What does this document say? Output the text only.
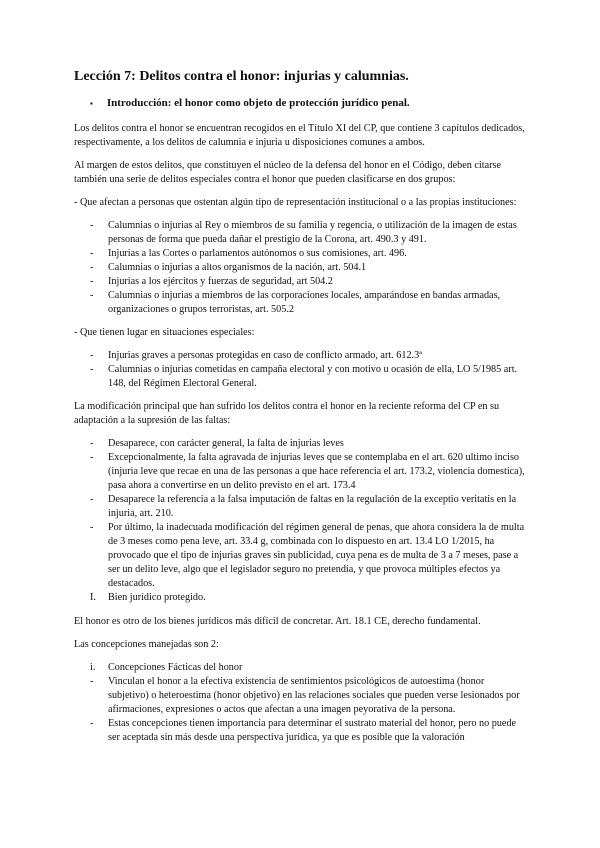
Lección 7: Delitos contra el honor: injurias y calumnias.
▪ Introducción: el honor como objeto de protección jurídico penal.

Los delitos contra el honor se encuentran recogidos en el Título XI del CP, que contiene 3 capítulos dedicados, respectivamente, a los delitos de calumnia e injuria u disposiciones comunes a ambos.

Al margen de estos delitos, que constituyen el núcleo de la defensa del honor en el Código, deben citarse también una serie de delitos especiales contra el honor que pueden clasificarse en dos grupos:

- Que afectan a personas que ostentan algún tipo de representación institucional o a las propias instituciones:

- Calumnias o injurias al Rey o miembros de su familia y regencia, o utilización de la imagen de estas personas de forma que pueda dañar el prestigio de la Corona, art. 490.3 y 491.
- Injurias a las Cortes o parlamentos autónomos o sus comisiones, art. 496.
- Calumnias o injurias a altos organismos de la nación, art. 504.1
- Injurias a los ejércitos y fuerzas de seguridad, art 504.2
- Calumnias o injurias a miembros de las corporaciones locales, amparándose en bandas armadas, organizaciones o grupos terroristas, art. 505.2

- Que tienen lugar en situaciones especiales:

- Injurias graves a personas protegidas en caso de conflicto armado, art. 612.3ª
- Calumnias o injurias cometidas en campaña electoral y con motivo u ocasión de ella, LO 5/1985 art. 148, del Régimen Electoral General.

La modificación principal que han sufrido los delitos contra el honor en la reciente reforma del CP en su adaptación a la supresión de las faltas:

- Desaparece, con carácter general, la falta de injurias leves
- Excepcionalmente, la falta agravada de injurias leves que se contemplaba en el art. 620 ultimo inciso (injuria leve que recae en una de las personas a que hace referencia el art. 173.2, violencia domestica), pasa ahora a convertirse en un delito previsto en el art. 173.4
- Desaparece la referencia a la falsa imputación de faltas en la regulación de la exceptio veritatis en la injuria, art. 210.
- Por último, la inadecuada modificación del régimen general de penas, que ahora considera la de multa de 3 meses como pena leve, art. 33.4 g, combinada con lo dispuesto en art. 13.4 LO 1/2015, ha provocado que el tipo de injurias graves sin publicidad, cuya pena es de multa de 3 a 7 meses, pase a ser un delito leve, algo que el legislador seguro no pretendía, y que provoca múltiples efectos ya destacados.
I. Bien jurídico protegido.

El honor es otro de los bienes jurídicos más difícil de concretar. Art. 18.1 CE, derecho fundamental.

Las concepciones manejadas son 2:

i. Concepciones Fácticas del honor
- Vinculan el honor a la efectiva existencia de sentimientos psicológicos de autoestima (honor subjetivo) o heteroestima (honor objetivo) en las relaciones sociales que pueden verse lesionados por afirmaciones, expresiones o actos que afectan a una imagen peyorativa de la persona.
- Estas concepciones tienen importancia para determinar el sustrato material del honor, pero no puede ser aceptada sin más desde una perspectiva jurídica, ya que es posible que la valoración
